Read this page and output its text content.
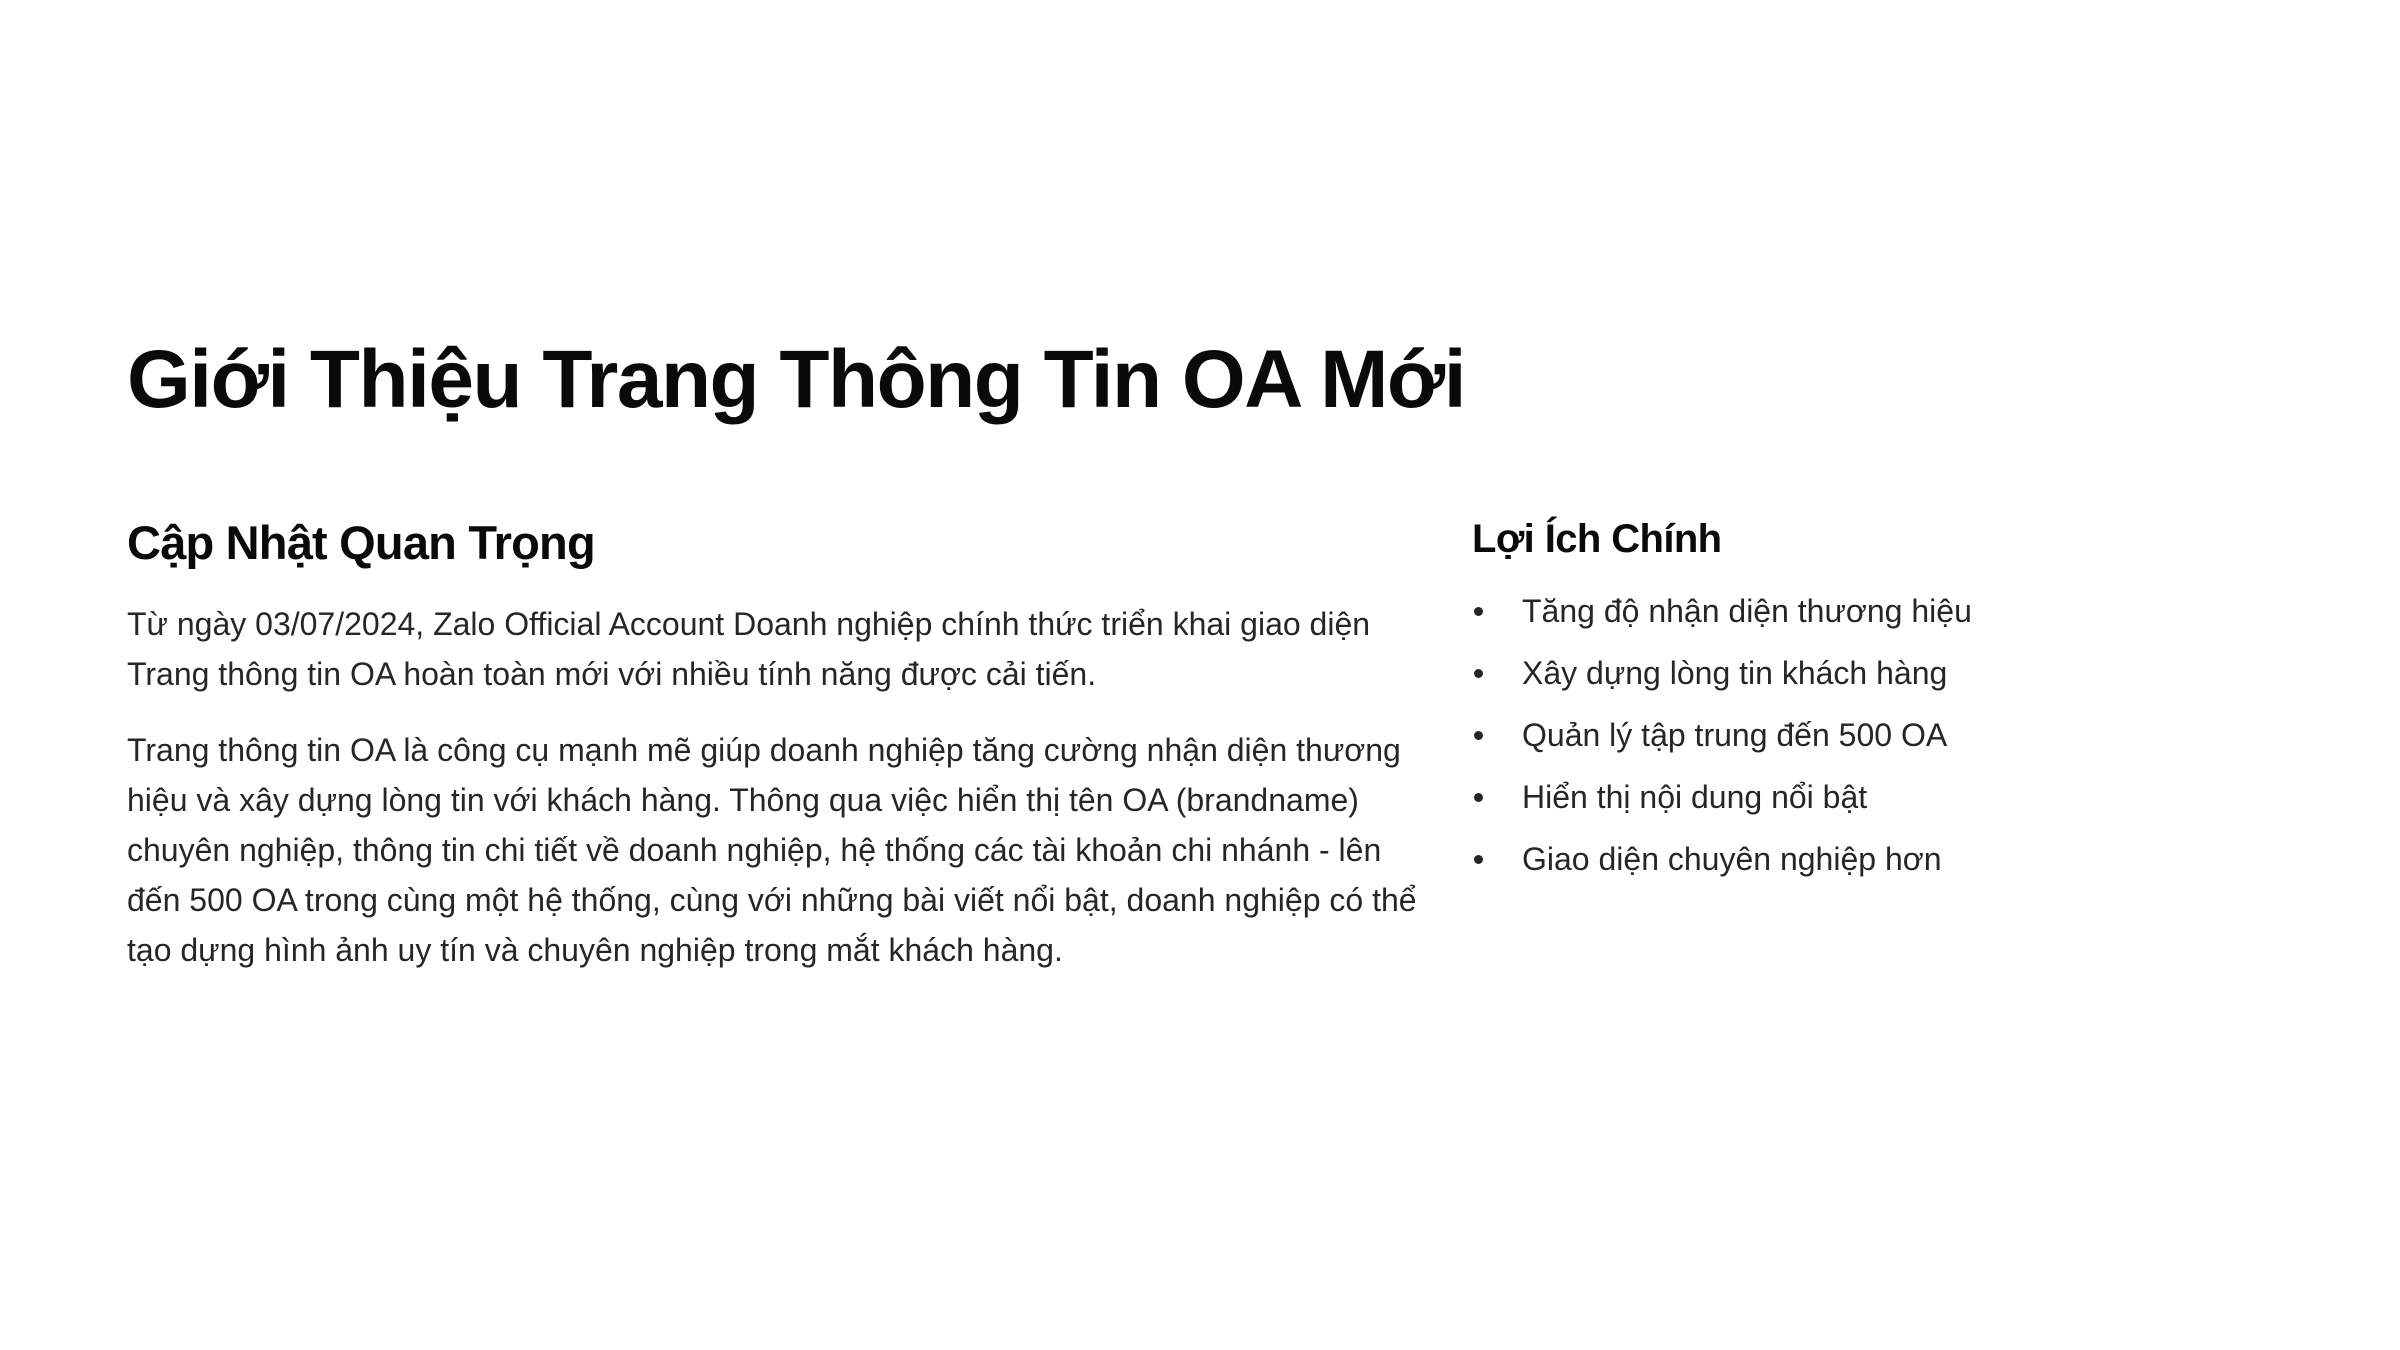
Giới Thiệu Trang Thông Tin OA Mới
Cập Nhật Quan Trọng

Từ ngày 03/07/2024, Zalo Official Account Doanh nghiệp chính thức triển khai giao diện Trang thông tin OA hoàn toàn mới với nhiều tính năng được cải tiến.

Trang thông tin OA là công cụ mạnh mẽ giúp doanh nghiệp tăng cường nhận diện thương hiệu và xây dựng lòng tin với khách hàng. Thông qua việc hiển thị tên OA (brandname) chuyên nghiệp, thông tin chi tiết về doanh nghiệp, hệ thống các tài khoản chi nhánh - lên đến 500 OA trong cùng một hệ thống, cùng với những bài viết nổi bật, doanh nghiệp có thể tạo dựng hình ảnh uy tín và chuyên nghiệp trong mắt khách hàng.

Lợi Ích Chính
Tăng độ nhận diện thương hiệu
Xây dựng lòng tin khách hàng
Quản lý tập trung đến 500 OA
Hiển thị nội dung nổi bật
Giao diện chuyên nghiệp hơn
